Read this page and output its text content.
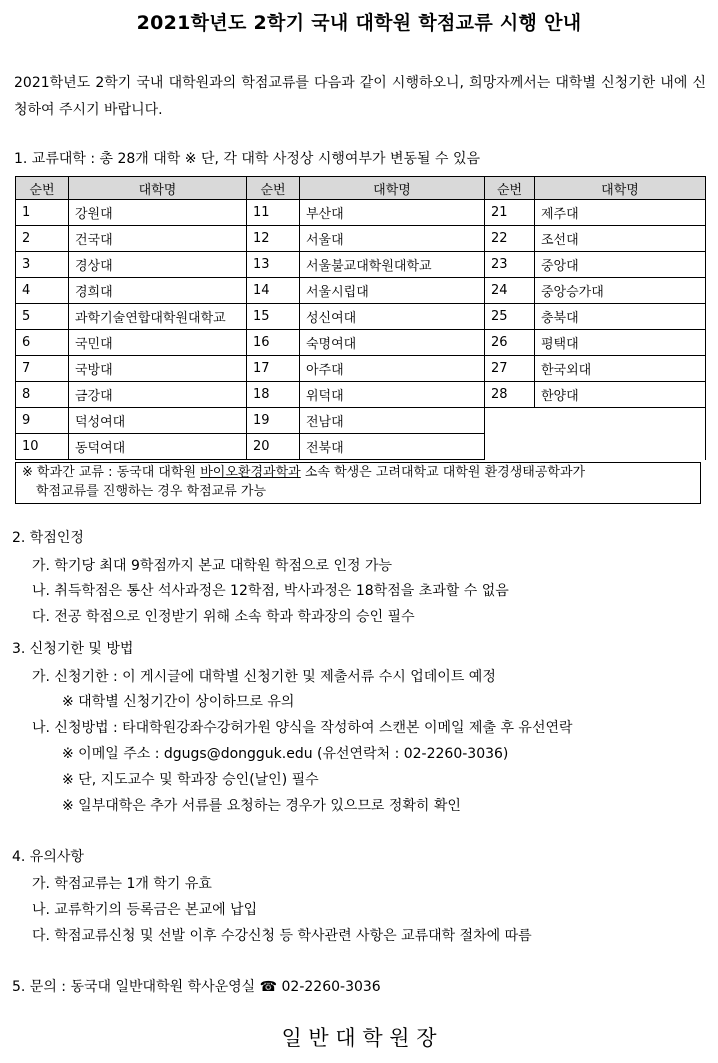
2021학년도 2학기 국내 대학원 학점교류 시행 안내
2021학년도 2학기 국내 대학원과의 학점교류를 다음과 같이 시행하오니, 희망자께서는 대학별 신청기한 내에 신청하여 주시기 바랍니다.
1. 교류대학 : 총 28개 대학 ※ 단, 각 대학 사정상 시행여부가 변동될 수 있음
순번	대학명	순번	대학명	순번	대학명
1	강원대	11	부산대	21	제주대
2	건국대	12	서울대	22	조선대
3	경상대	13	서울불교대학원대학교	23	중앙대
4	경희대	14	서울시립대	24	중앙승가대
5	과학기술연합대학원대학교	15	성신여대	25	충북대
6	국민대	16	숙명여대	26	평택대
7	국방대	17	아주대	27	한국외대
8	금강대	18	위덕대	28	한양대
9	덕성여대	19	전남대		
10	동덕여대	20	전북대		
※ 학과간 교류 : 동국대 대학원 바이오환경과학과 소속 학생은 고려대학교 대학원 환경생태공학과가
학점교류를 진행하는 경우 학점교류 가능
2. 학점인정
가. 학기당 최대 9학점까지 본교 대학원 학점으로 인정 가능
나. 취득학점은 통산 석사과정은 12학점, 박사과정은 18학점을 초과할 수 없음
다. 전공 학점으로 인정받기 위해 소속 학과 학과장의 승인 필수
3. 신청기한 및 방법
가. 신청기한 : 이 게시글에 대학별 신청기한 및 제출서류 수시 업데이트 예정
※ 대학별 신청기간이 상이하므로 유의
나. 신청방법 : 타대학원강좌수강허가원 양식을 작성하여 스캔본 이메일 제출 후 유선연락
※ 이메일 주소 : dgugs@dongguk.edu (유선연락처 : 02-2260-3036)
※ 단, 지도교수 및 학과장 승인(날인) 필수
※ 일부대학은 추가 서류를 요청하는 경우가 있으므로 정확히 확인
4. 유의사항
가. 학점교류는 1개 학기 유효
나. 교류학기의 등록금은 본교에 납입
다. 학점교류신청 및 선발 이후 수강신청 등 학사관련 사항은 교류대학 절차에 따름
5. 문의 : 동국대 일반대학원 학사운영실 ☎ 02-2260-3036
일 반 대 학 원 장
